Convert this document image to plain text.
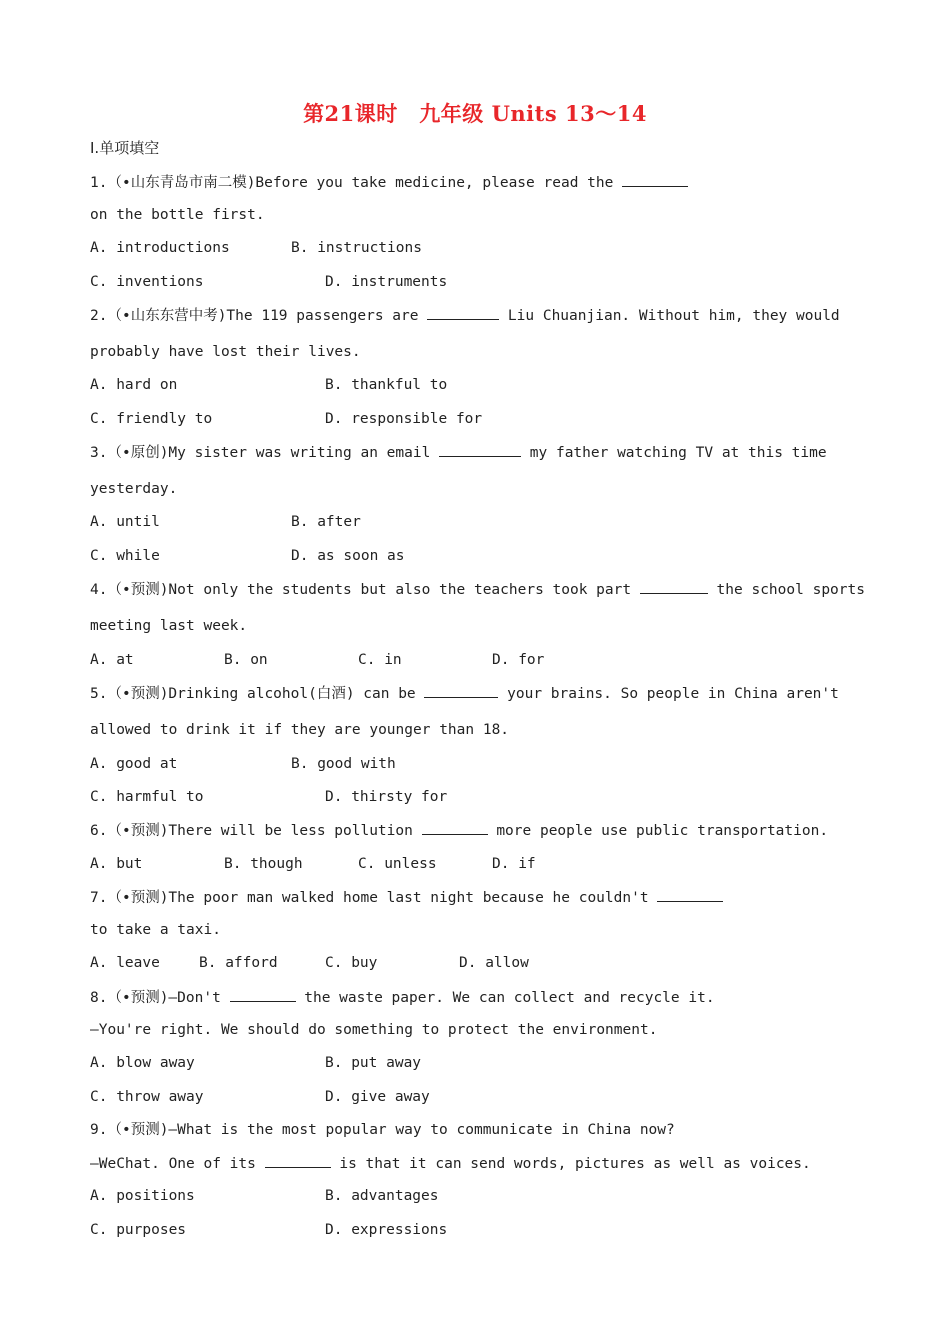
第21课时　九年级 Units 13～14
Ⅰ.单项填空
1.（•山东青岛市南二模)Before you take medicine, please read the
on the bottle first.
A. introductions	B. instructions
C. inventions	D. instruments
2.（•山东东营中考)The 119 passengers are	Liu Chuanjian. Without him, they would
probably have lost their lives.
A. hard on	B. thankful to
C. friendly to	D. responsible for
3.（•原创)My sister was writing an email	my father watching TV at this time
yesterday.
A. until	B. after
C. while	D. as soon as
4.（•预测)Not only the students but also the teachers took part	the school sports
meeting last week.
A. at	B. on	C. in	D. for
5.（•预测)Drinking alcohol(白酒) can be	your brains. So people in China aren't
allowed to drink it if they are younger than 18.
A. good at	B. good with
C. harmful to	D. thirsty for
6.（•预测)There will be less pollution	more people use public transportation.
A. but	B. though	C. unless	D. if
7.（•预测)The poor man walked home last night because he couldn't
to take a taxi.
A. leave	B. afford	C. buy	D. allow
8.（•预测)—Don't	the waste paper. We can collect and recycle it.
—You're right. We should do something to protect the environment.
A. blow away	B. put away
C. throw away	D. give away
9.（•预测)—What is the most popular way to communicate in China now?
—WeChat. One of its	is that it can send words, pictures as well as voices.
A. positions	B. advantages
C. purposes	D. expressions
